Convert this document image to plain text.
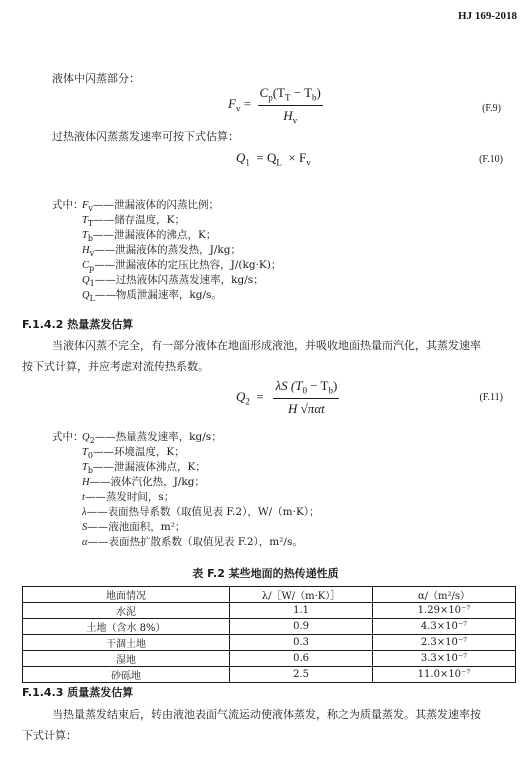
HJ 169-2018
液体中闪蒸部分：
$F_v = \frac{C_p(T_T - T_b)}{H_v}$	(F.9)
过热液体闪蒸蒸发速率可按下式估算：
$Q_1 = Q_L \times F_v$	(F.10)
式中：$F_v——$泄漏液体的闪蒸比例；
$T_T——$储存温度，K；
$T_b——$泄漏液体的沸点，K；
$H_v——$泄漏液体的蒸发热，J/kg；
$C_p——$泄漏液体的定压比热容，J/(kg·K)；
$Q_1——$过热液体闪蒸蒸发速率，kg/s；
$Q_L——$物质泄漏速率，kg/s。
F.1.4.2 热量蒸发估算
当液体闪蒸不完全，有一部分液体在地面形成液池，并吸收地面热量而汽化，其蒸发速率
按下式计算，并应考虑对流传热系数。
$Q_2 = \frac{\lambda S (T_0 - T_b)}{\text{H √παt}}$	(F.11)
式中：$Q_2——$热量蒸发速率，kg/s；
$T_0——$环境温度，K；
$T_b——$泄漏液体沸点，K；
H——液体汽化热，J/kg；
t——蒸发时间，s；
λ——表面热导系数（取值见表 F.2），W/（m·K）；
S——液池面积，m²；
α——表面热扩散系数（取值见表 F.2），m²/s。
表 F.2 某些地面的热传递性质
地面情况	λ/［W/（m·K）］	α/（m²/s）
水泥	1.1	1.29×10⁻⁷
土地（含水 8%）	0.9	4.3×10⁻⁷
干涸土地	0.3	2.3×10⁻⁷
湿地	0.6	3.3×10⁻⁷
砂砾地	2.5	11.0×10⁻⁷
F.1.4.3 质量蒸发估算
当热量蒸发结束后，转由液池表面气流运动使液体蒸发，称之为质量蒸发。其蒸发速率按
下式计算：
